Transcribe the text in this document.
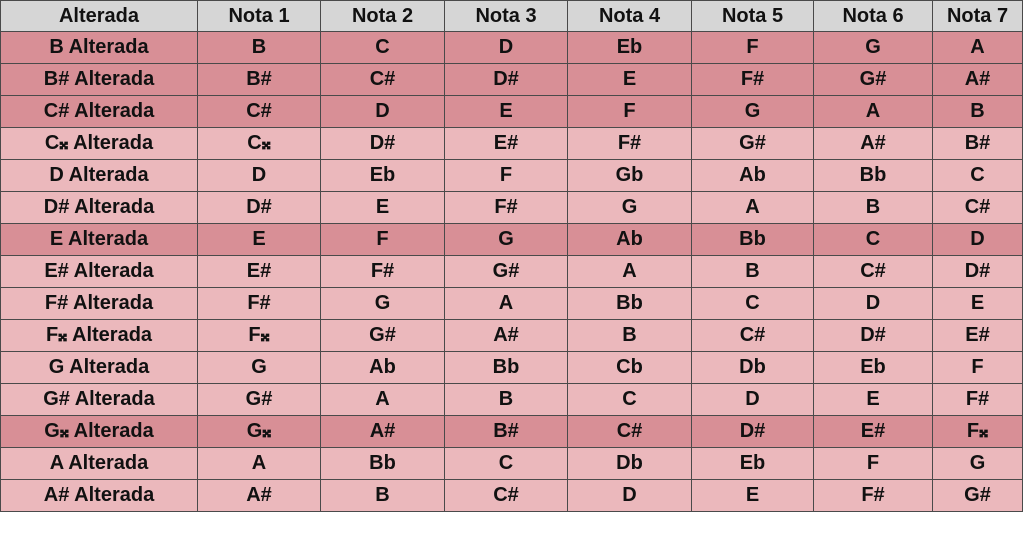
Alterada	Nota 1	Nota 2	Nota 3	Nota 4	Nota 5	Nota 6	Nota 7
B Alterada	B	C	D	Eb	F	G	A
B# Alterada	B#	C#	D#	E	F#	G#	A#
C# Alterada	C#	D	E	F	G	A	B
C𝄪 Alterada	C𝄪	D#	E#	F#	G#	A#	B#
D Alterada	D	Eb	F	Gb	Ab	Bb	C
D# Alterada	D#	E	F#	G	A	B	C#
E Alterada	E	F	G	Ab	Bb	C	D
E# Alterada	E#	F#	G#	A	B	C#	D#
F# Alterada	F#	G	A	Bb	C	D	E
F𝄪 Alterada	F𝄪	G#	A#	B	C#	D#	E#
G Alterada	G	Ab	Bb	Cb	Db	Eb	F
G# Alterada	G#	A	B	C	D	E	F#
G𝄪 Alterada	G𝄪	A#	B#	C#	D#	E#	F𝄪
A Alterada	A	Bb	C	Db	Eb	F	G
A# Alterada	A#	B	C#	D	E	F#	G#
